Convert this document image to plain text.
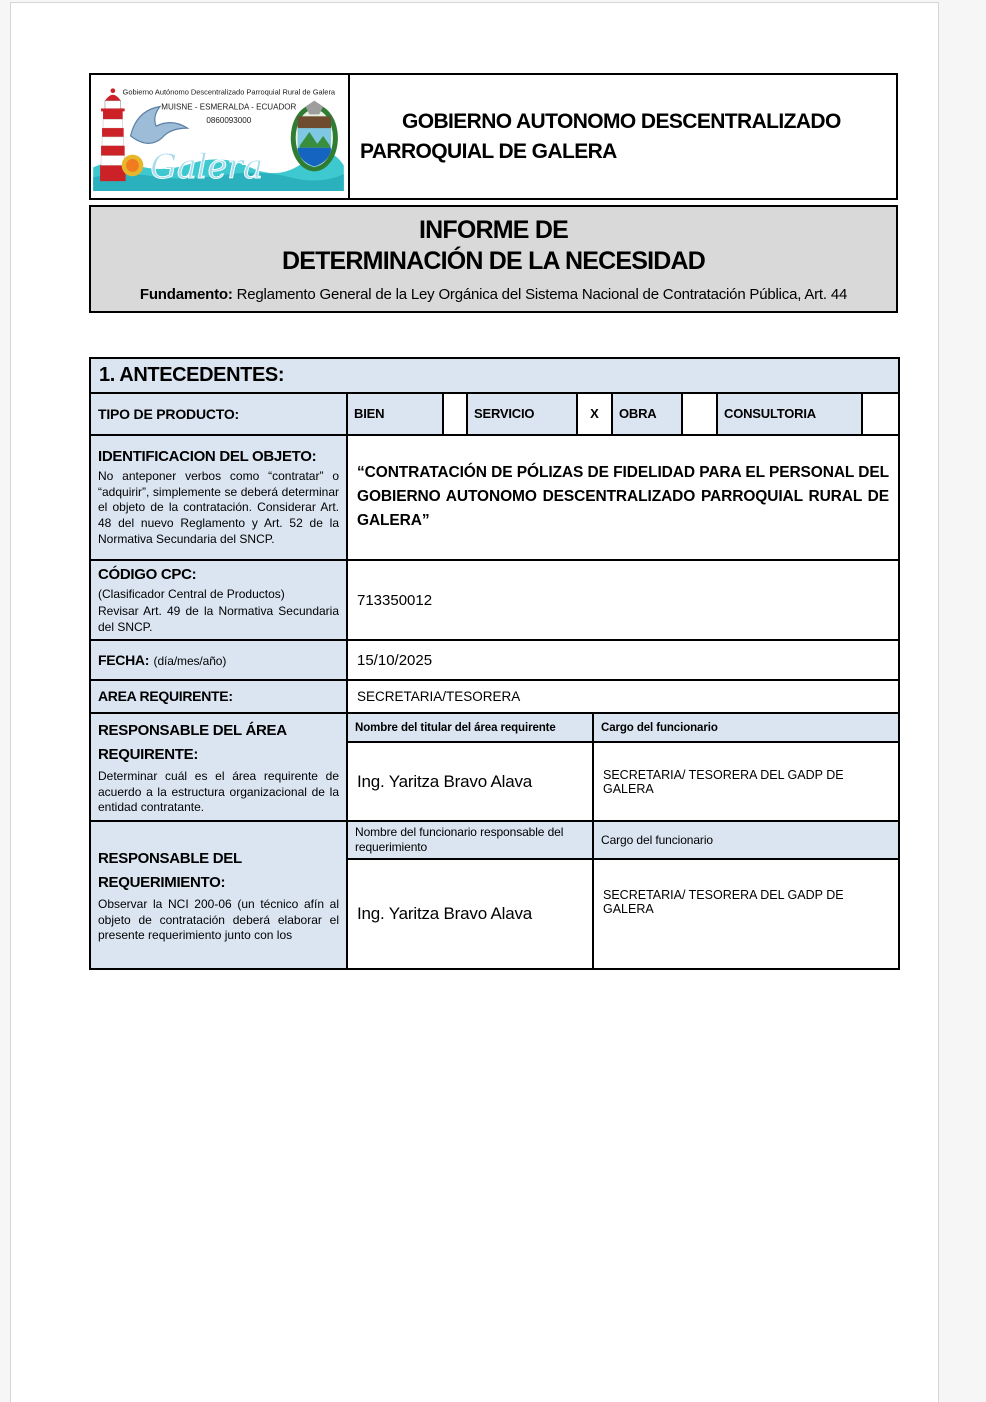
Gobierno Autónomo Descentralizado Parroquial Rural de Galera
MUISNE - ESMERALDA - ECUADOR
0860093000
Galera

GOBIERNO AUTONOMO DESCENTRALIZADO PARROQUIAL DE GALERA
INFORME DE
DETERMINACIÓN DE LA NECESIDAD
Fundamento: Reglamento General de la Ley Orgánica del Sistema Nacional de Contratación Pública, Art. 44
1. ANTECEDENTES:
TIPO DE PRODUCTO:	BIEN		SERVICIO	X	OBRA		CONSULTORIA	
IDENTIFICACION DEL OBJETO:
No anteponer verbos como “contratar” o “adquirir”, simplemente se deberá determinar el objeto de la contratación. Considerar Art. 48 del nuevo Reglamento y Art. 52 de la Normativa Secundaria del SNCP.	“CONTRATACIÓN DE PÓLIZAS DE FIDELIDAD PARA EL PERSONAL DEL GOBIERNO AUTONOMO DESCENTRALIZADO PARROQUIAL RURAL DE GALERA”	

CÓDIGO CPC:
(Clasificador Central de Productos)
Revisar Art. 49 de la Normativa Secundaria del SNCP.	713350012	
FECHA: (día/mes/año)	15/10/2025	
AREA REQUIRENTE:	SECRETARIA/TESORERA	

RESPONSABLE DEL ÁREA REQUIRENTE:
Determinar cuál es el área requirente de acuerdo a la estructura organizacional de la entidad contratante.	Nombre del titular del área requirente	Cargo del funcionario
	Ing. Yaritza Bravo Alava	SECRETARIA/ TESORERA DEL GADP DE GALERA

RESPONSABLE DEL REQUERIMIENTO:
Observar la NCI 200-06 (un técnico afín al objeto de contratación deberá elaborar el presente requerimiento junto con los	Nombre del funcionario responsable del requerimiento	Cargo del funcionario
	Ing. Yaritza Bravo Alava	SECRETARIA/ TESORERA DEL GADP DE GALERA
